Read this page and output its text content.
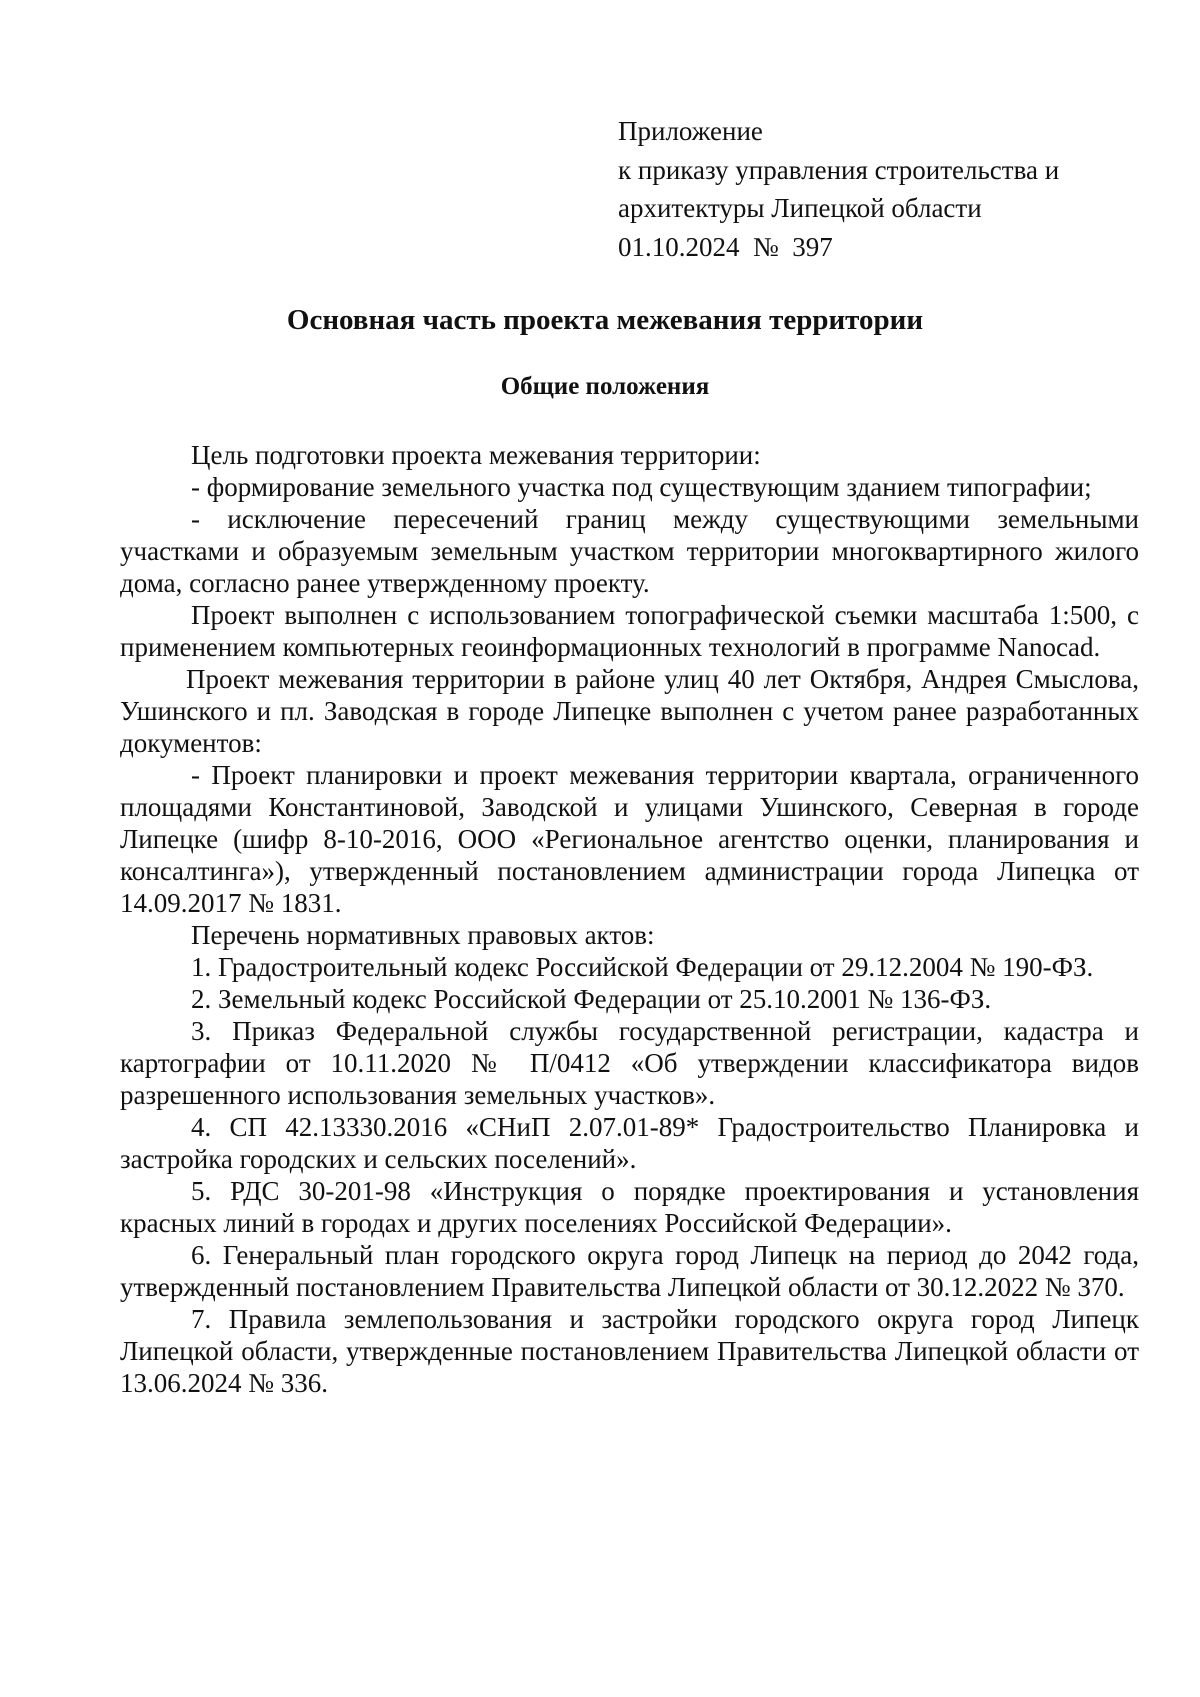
Приложение
к приказу управления строительства и
архитектуры Липецкой области
01.10.2024  №  397
Основная часть проекта межевания территории
Общие положения

Цель подготовки проекта межевания территории:

- формирование земельного участка под существующим зданием типографии;

- исключение пересечений границ между существующими земельными участками и образуемым земельным участком территории многоквартирного жилого дома, согласно ранее утвержденному проекту.

Проект выполнен с использованием топографической съемки масштаба 1:500, с применением компьютерных геоинформационных технологий в программе Nanocad.

Проект межевания территории в районе улиц 40 лет Октября, Андрея Смыслова, Ушинского и пл. Заводская в городе Липецке выполнен с учетом ранее разработанных документов:

- Проект планировки и проект межевания территории квартала, ограниченного площадями Константиновой, Заводской и улицами Ушинского, Северная в городе Липецке (шифр 8-10-2016, ООО «Региональное агентство оценки, планирования и консалтинга»), утвержденный постановлением администрации города Липецка от 14.09.2017 № 1831.

Перечень нормативных правовых актов:

1. Градостроительный кодекс Российской Федерации от 29.12.2004 № 190-ФЗ.

2. Земельный кодекс Российской Федерации от 25.10.2001 № 136-ФЗ.

3. Приказ Федеральной службы государственной регистрации, кадастра и картографии от 10.11.2020 № П/0412 «Об утверждении классификатора видов разрешенного использования земельных участков».

4. СП 42.13330.2016 «СНиП 2.07.01-89* Градостроительство Планировка и застройка городских и сельских поселений».

5. РДС 30-201-98 «Инструкция о порядке проектирования и установления красных линий в городах и других поселениях Российской Федерации».

6. Генеральный план городского округа город Липецк на период до 2042 года, утвержденный постановлением Правительства Липецкой области от 30.12.2022 № 370.

7. Правила землепользования и застройки городского округа город Липецк Липецкой области, утвержденные постановлением Правительства Липецкой области от 13.06.2024 № 336.
